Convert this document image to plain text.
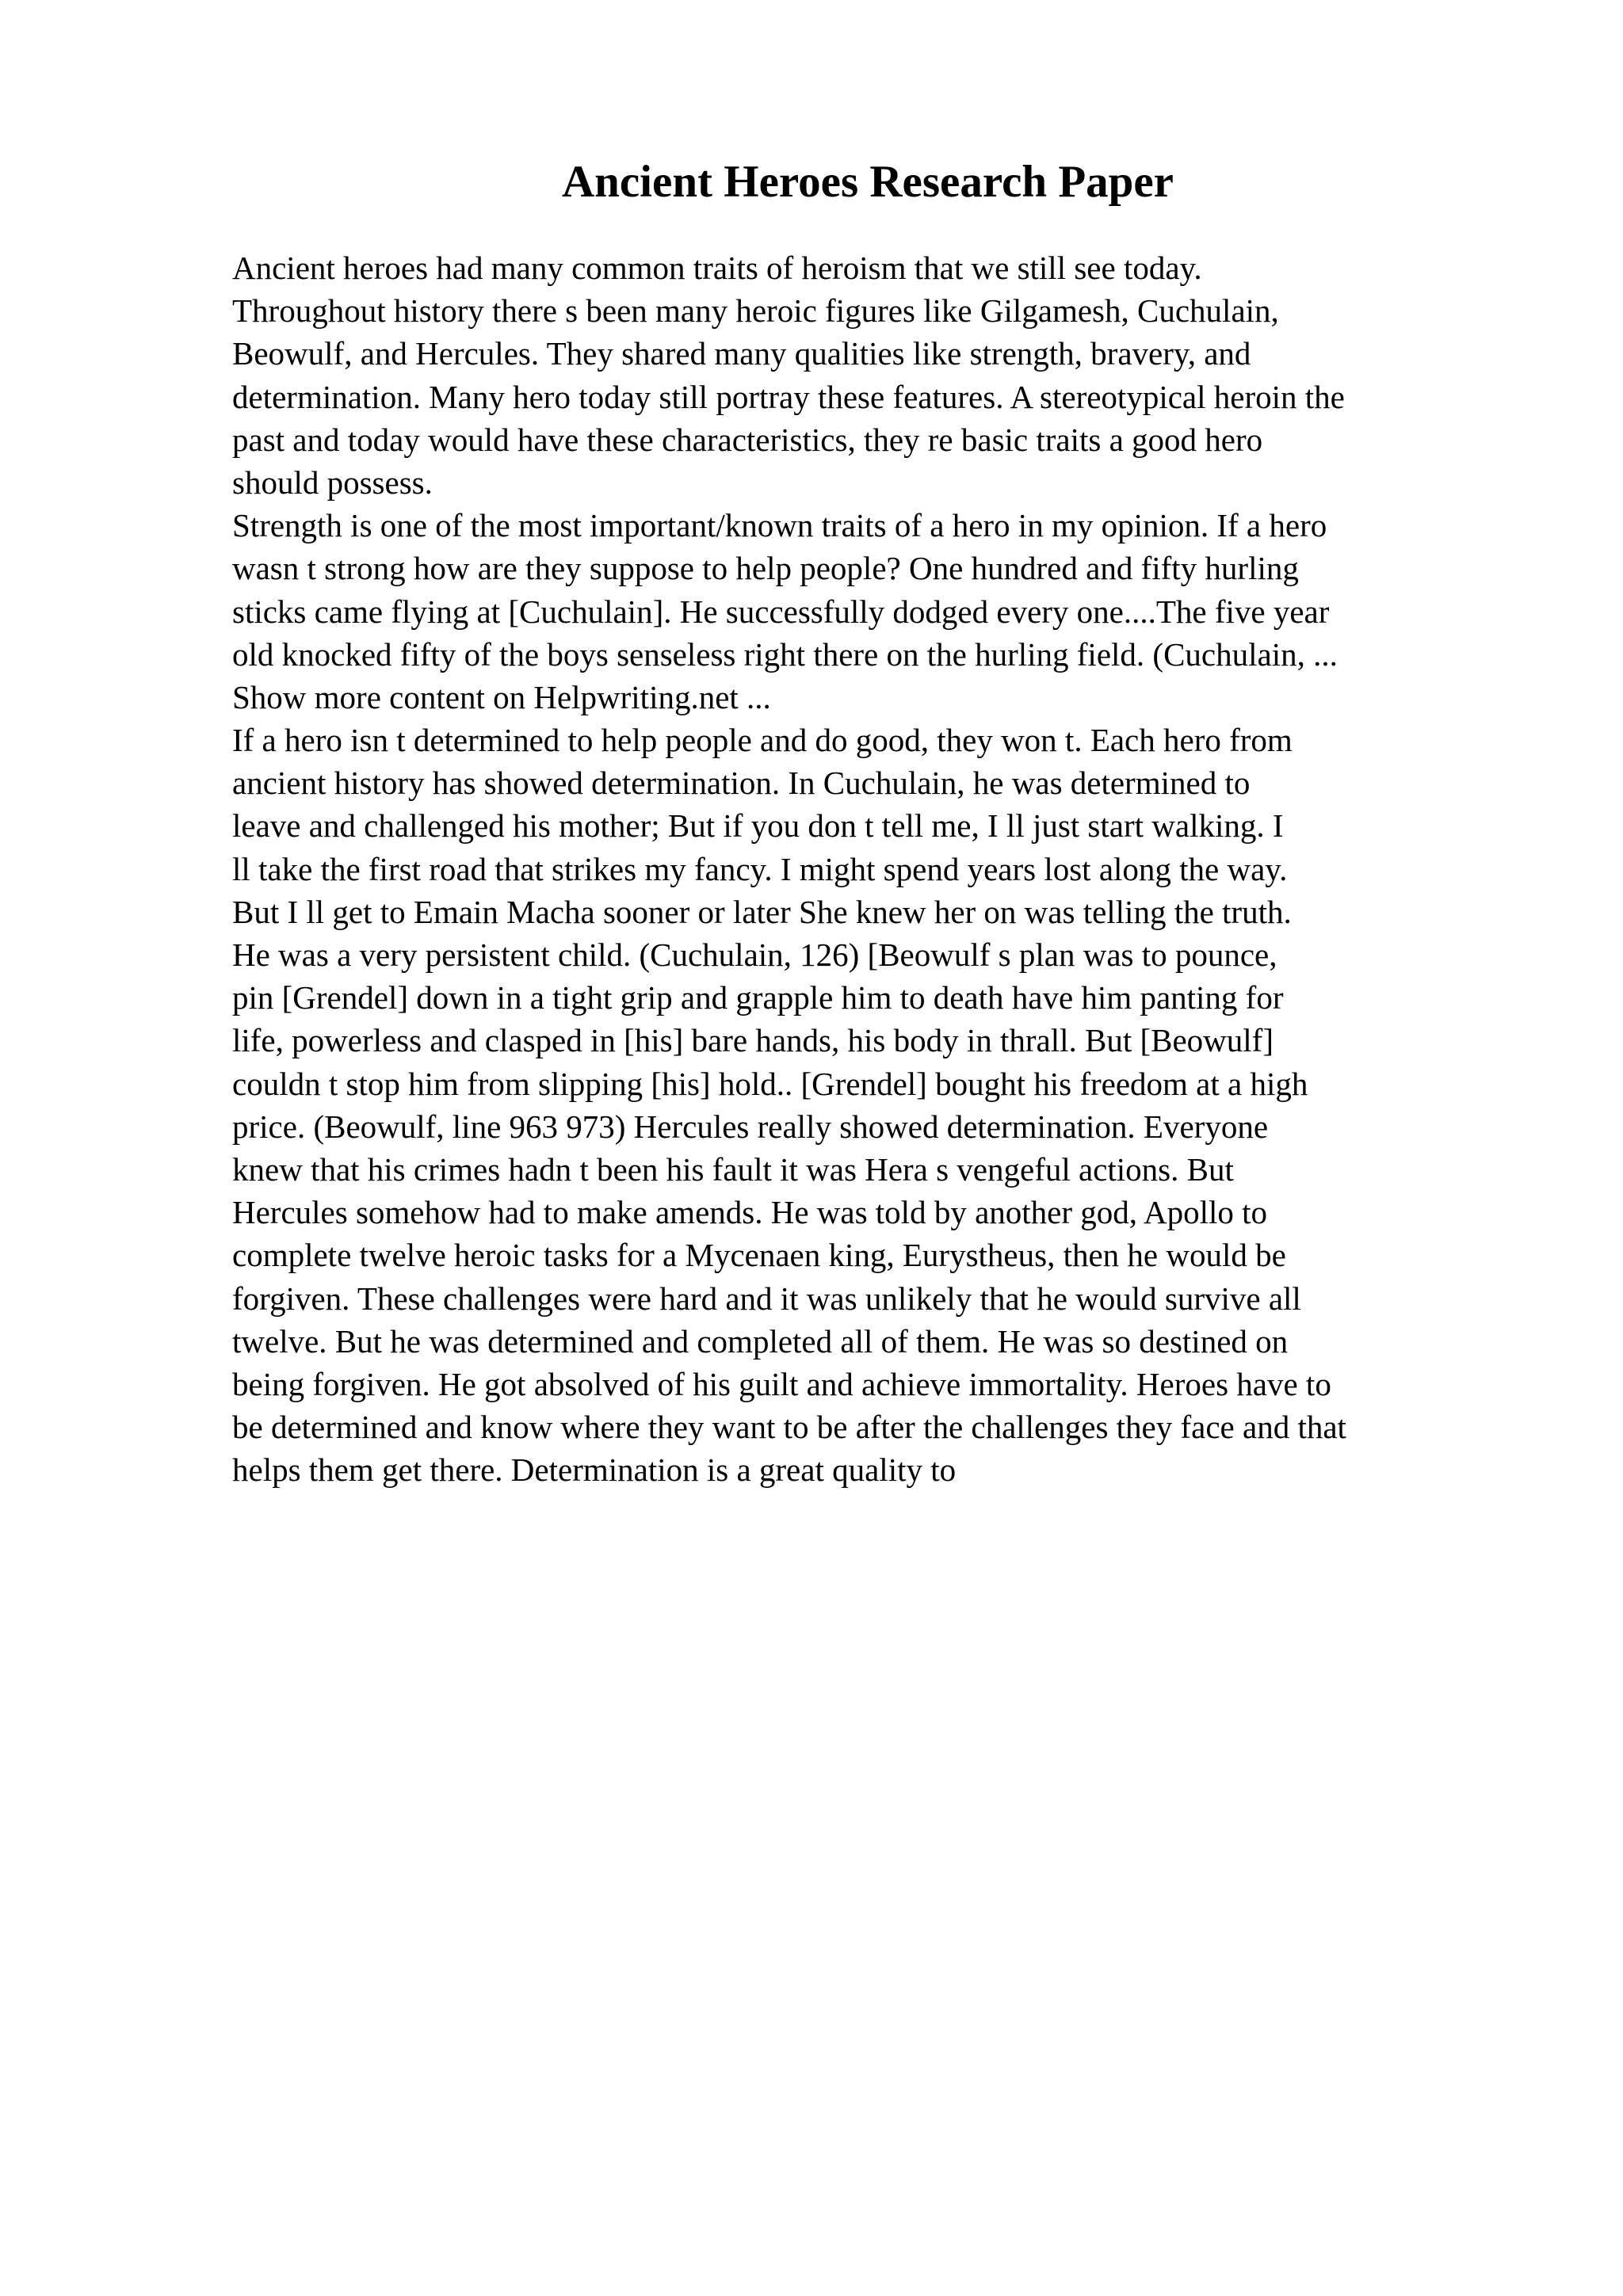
Ancient Heroes Research Paper
Ancient heroes had many common traits of heroism that we still see today.
Throughout history there s been many heroic figures like Gilgamesh, Cuchulain,
Beowulf, and Hercules. They shared many qualities like strength, bravery, and
determination. Many hero today still portray these features. A stereotypical heroin the
past and today would have these characteristics, they re basic traits a good hero
should possess.
Strength is one of the most important/known traits of a hero in my opinion. If a hero
wasn t strong how are they suppose to help people? One hundred and fifty hurling
sticks came flying at [Cuchulain]. He successfully dodged every one....The five year
old knocked fifty of the boys senseless right there on the hurling field. (Cuchulain, ...
Show more content on Helpwriting.net ...
If a hero isn t determined to help people and do good, they won t. Each hero from
ancient history has showed determination. In Cuchulain, he was determined to
leave and challenged his mother; But if you don t tell me, I ll just start walking. I
ll take the first road that strikes my fancy. I might spend years lost along the way.
But I ll get to Emain Macha sooner or later She knew her on was telling the truth.
He was a very persistent child. (Cuchulain, 126) [Beowulf s plan was to pounce,
pin [Grendel] down in a tight grip and grapple him to death have him panting for
life, powerless and clasped in [his] bare hands, his body in thrall. But [Beowulf]
couldn t stop him from slipping [his] hold.. [Grendel] bought his freedom at a high
price. (Beowulf, line 963 973) Hercules really showed determination. Everyone
knew that his crimes hadn t been his fault it was Hera s vengeful actions. But
Hercules somehow had to make amends. He was told by another god, Apollo to
complete twelve heroic tasks for a Mycenaen king, Eurystheus, then he would be
forgiven. These challenges were hard and it was unlikely that he would survive all
twelve. But he was determined and completed all of them. He was so destined on
being forgiven. He got absolved of his guilt and achieve immortality. Heroes have to
be determined and know where they want to be after the challenges they face and that
helps them get there. Determination is a great quality to
